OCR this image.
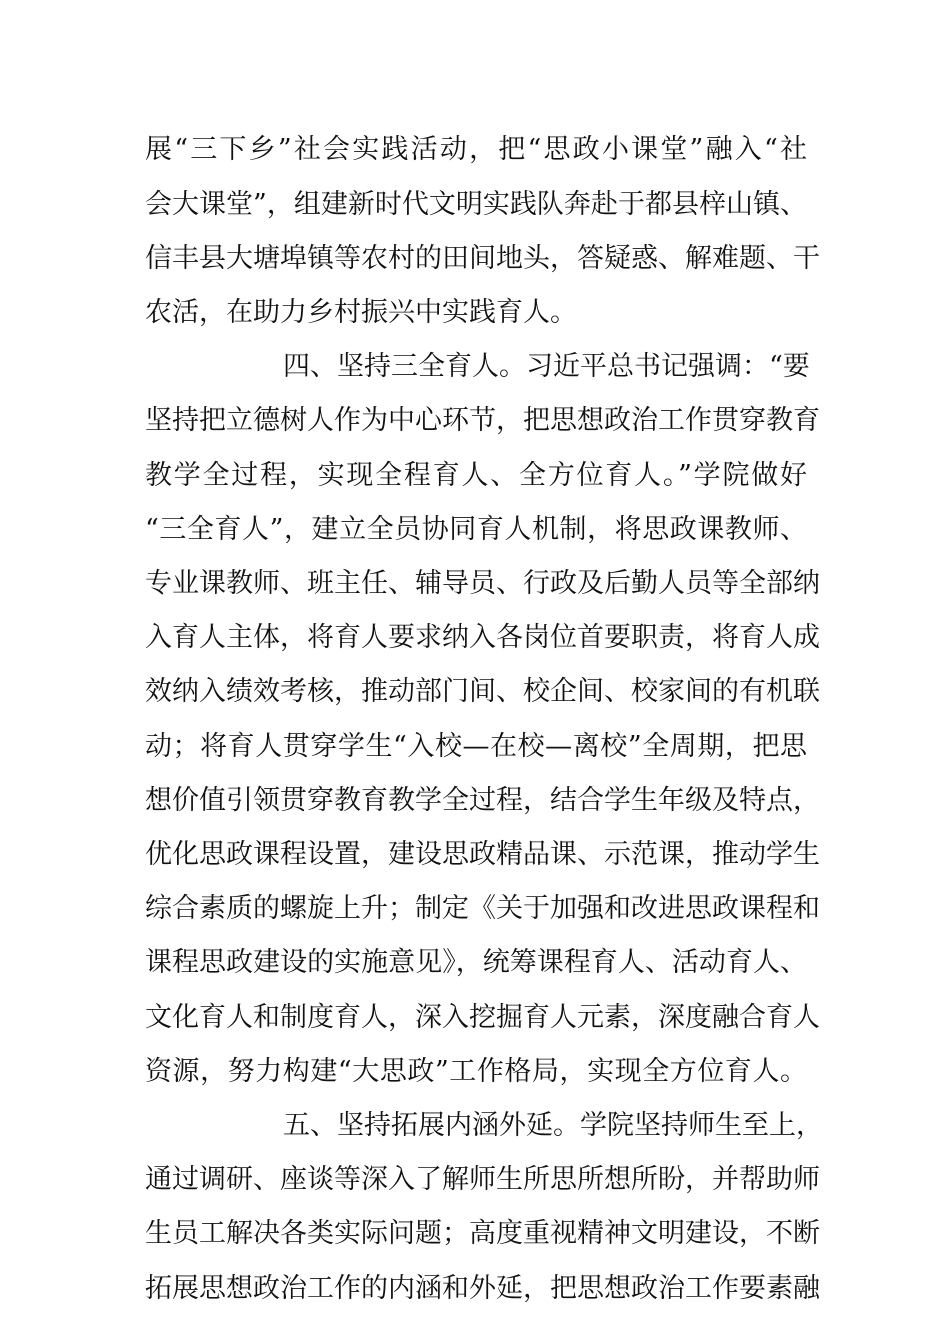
展“三下乡”社会实践活动，把“思政小课堂”融入“社
会大课堂”，组建新时代文明实践队奔赴于都县梓山镇、
信丰县大塘埠镇等农村的田间地头，答疑惑、解难题、干
农活，在助力乡村振兴中实践育人。
四、坚持三全育人。习近平总书记强调：“要
坚持把立德树人作为中心环节，把思想政治工作贯穿教育
教学全过程，实现全程育人、全方位育人。”学院做好
“三全育人”，建立全员协同育人机制，将思政课教师、
专业课教师、班主任、辅导员、行政及后勤人员等全部纳
入育人主体，将育人要求纳入各岗位首要职责，将育人成
效纳入绩效考核，推动部门间、校企间、校家间的有机联
动；将育人贯穿学生“入校—在校—离校”全周期，把思
想价值引领贯穿教育教学全过程，结合学生年级及特点，
优化思政课程设置，建设思政精品课、示范课，推动学生
综合素质的螺旋上升；制定《关于加强和改进思政课程和
课程思政建设的实施意见》，统筹课程育人、活动育人、
文化育人和制度育人，深入挖掘育人元素，深度融合育人
资源，努力构建“大思政”工作格局，实现全方位育人。
五、坚持拓展内涵外延。学院坚持师生至上，
通过调研、座谈等深入了解师生所思所想所盼，并帮助师
生员工解决各类实际问题；高度重视精神文明建设，不断
拓展思想政治工作的内涵和外延，把思想政治工作要素融
